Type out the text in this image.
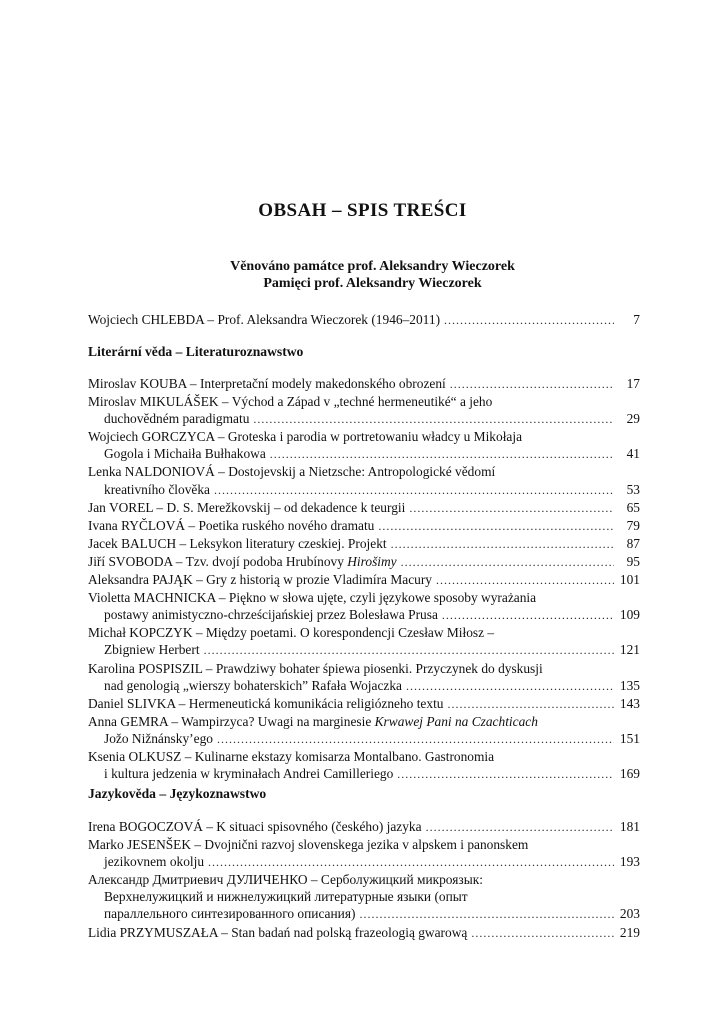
OBSAH – SPIS TREŚCI
Věnováno památce prof. Aleksandry Wieczorek
Pamięci prof. Aleksandry Wieczorek
Wojciech CHLEBDA – Prof. Aleksandra Wieczorek (1946–2011) .....	7
Literární věda – Literaturoznawstwo
Miroslav KOUBA – Interpretační modely makedonského obrození .....	17
Miroslav MIKULÁŠEK – Východ a Západ v „techné hermeneutiké“ a jeho
duchovědném paradigmatu .....	29
Wojciech GORCZYCA – Groteska i parodia w portretowaniu władcy u Mikołaja
Gogola i Michaiła Bułhakowa .....	41
Lenka NALDONIOVÁ – Dostojevskij a Nietzsche: Antropologické vědomí
kreativního člověka .....	53
Jan VOREL – D. S. Merežkovskij – od dekadence k teurgii .....	65
Ivana RYČLOVÁ – Poetika ruského nového dramatu .....	79
Jacek BALUCH – Leksykon literatury czeskiej. Projekt .....	87
Jiří SVOBODA – Tzv. dvojí podoba Hrubínovy Hirošimy .....	95
Aleksandra PAJĄK – Gry z historią w prozie Vladimíra Macury .....	101
Violetta MACHNICKA – Piękno w słowa ujęte, czyli językowe sposoby wyrażania
postawy animistyczno-chrześcijańskiej przez Bolesława Prusa .....	109
Michał KOPCZYK – Między poetami. O korespondencji Czesław Miłosz –
Zbigniew Herbert .....	121
Karolina POSPISZIL – Prawdziwy bohater śpiewa piosenki. Przyczynek do dyskusji
nad genologią „wierszy bohaterskich” Rafała Wojaczka .....	135
Daniel SLIVKA – Hermeneutická komunikácia religiózneho textu .....	143
Anna GEMRA – Wampirzyca? Uwagi na marginesie Krwawej Pani na Czachticach
Jožo Nižnánsky’ego .....	151
Ksenia OLKUSZ – Kulinarne ekstazy komisarza Montalbano. Gastronomia
i kultura jedzenia w kryminałach Andrei Camilleriego .....	169
Jazykověda – Językoznawstwo
Irena BOGOCZOVÁ – K situaci spisovného (českého) jazyka .....	181
Marko JESENŠEK – Dvojnični razvoj slovenskega jezika v alpskem i panonskem
jezikovnem okolju .....	193
Александр Дмитриевич ДУЛИЧЕНКО – Серболужицкий микроязык:
Верхнелужицкий и нижнелужицкий литературные языки (опыт
параллельного синтезированного описания) .....	203
Lidia PRZYMUSZAŁA – Stan badań nad polską frazeologią gwarową .....	219
